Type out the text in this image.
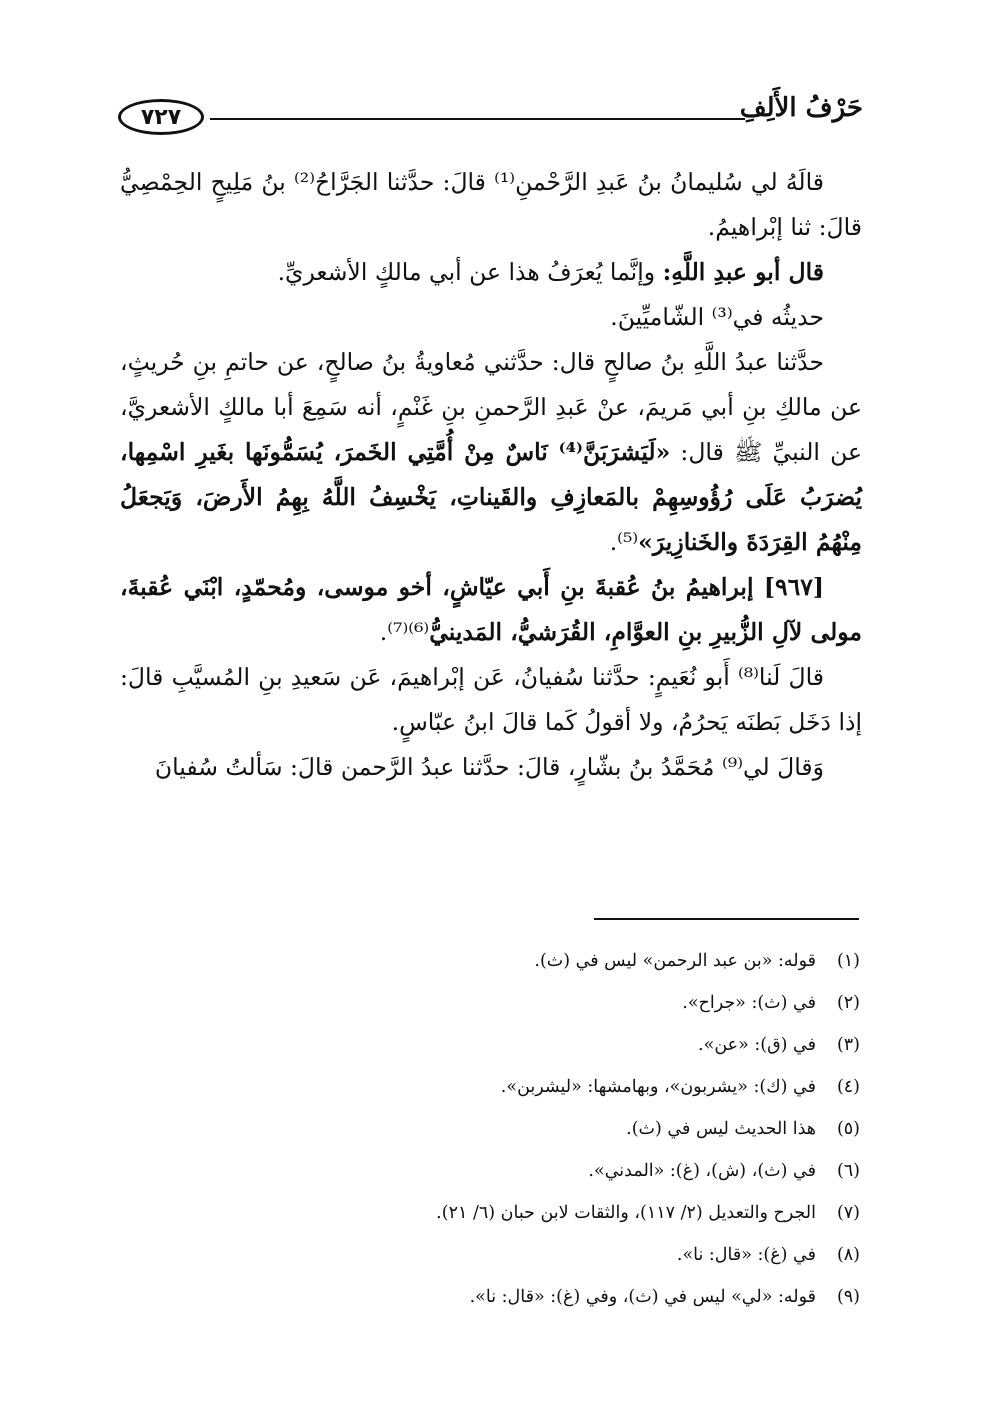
٧٢٧	حَرْفُ الأَلِفِ

قالَهُ لي سُليمانُ بنُ عَبدِ الرَّحْمنِ⁽¹⁾ قالَ: حدَّثنا الجَرَّاحُ⁽²⁾ بنُ مَلِيحٍ الحِمْصِيُّ قالَ: ثنا إبْراهيمُ.

قال أبو عبدِ اللَّهِ: وإنَّما يُعرَفُ هذا عن أبي مالكٍ الأشعريِّ.

حديثُه في⁽³⁾ الشّاميِّينَ.

حدَّثنا عبدُ اللَّهِ بنُ صالحٍ قال: حدَّثني مُعاويةُ بنُ صالحٍ، عن حاتمِ بنِ حُريثٍ، عن مالكِ بنِ أبي مَريمَ، عنْ عَبدِ الرَّحمنِ بنِ غَنْمٍ، أنه سَمِعَ أبا مالكٍ الأشعريَّ، عن النبيِّ ﷺ قال: «لَيَشرَبَنَّ⁽⁴⁾ نَاسٌ مِنْ أُمَّتِي الخَمرَ، يُسَمُّونَها بغَيرِ اسْمِها، يُضرَبُ عَلَى رُؤُوسِهِمْ بالمَعازِفِ والقَيناتِ، يَخْسِفُ اللَّهُ بِهِمُ الأَرضَ، وَيَجعَلُ مِنْهُمُ القِرَدَةَ والخَنازِيرَ»⁽⁵⁾.

[٩٦٧] إبراهيمُ بنُ عُقبةَ بنِ أَبي عيّاشٍ، أخو موسى، ومُحمّدٍ، ابْنَي عُقبةَ، مولى لآلِ الزُّبيرِ بنِ العوَّامِ، القُرَشيُّ، المَدينيُّ⁽⁶⁾⁽⁷⁾.

قالَ لَنا⁽⁸⁾ أَبو نُعَيمٍ: حدَّثنا سُفيانُ، عَن إبْراهيمَ، عَن سَعيدِ بنِ المُسيَّبِ قالَ: إذا دَخَل بَطنَه يَحرُمُ، ولا أقولُ كَما قالَ ابنُ عبّاسٍ.

وَقالَ لي⁽⁹⁾ مُحَمَّدُ بنُ بشّارٍ، قالَ: حدَّثنا عبدُ الرَّحمن قالَ: سَألتُ سُفيانَ

(١)
قوله: «بن عبد الرحمن» ليس في (ث).
(٢)
في (ث): «جراح».
(٣)
في (ق): «عن».
(٤)
في (ك): «يشربون»، وبهامشها: «ليشربن».
(٥)
هذا الحديث ليس في (ث).
(٦)
في (ث)، (ش)، (غ): «المدني».
(٧)
الجرح والتعديل (٢/ ١١٧)، والثقات لابن حبان (٦/ ٢١).
(٨)
في (غ): «قال: نا».
(٩)
قوله: «لي» ليس في (ث)، وفي (غ): «قال: نا».
